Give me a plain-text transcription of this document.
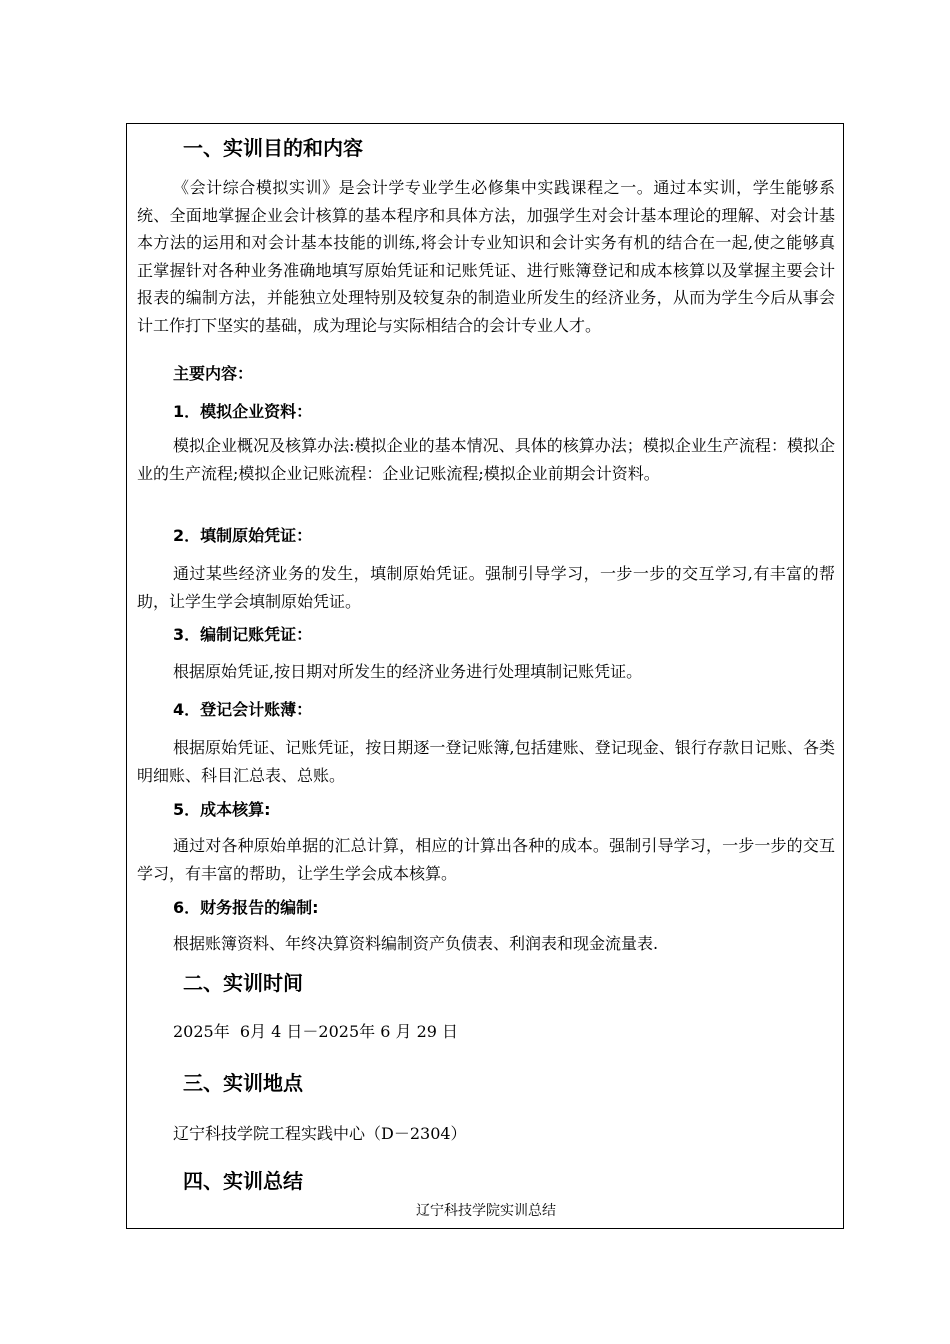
一、实训目的和内容

《会计综合模拟实训》是会计学专业学生必修集中实践课程之一。通过本实训，学生能够系统、全面地掌握企业会计核算的基本程序和具体方法，加强学生对会计基本理论的理解、对会计基本方法的运用和对会计基本技能的训练,将会计专业知识和会计实务有机的结合在一起,使之能够真正掌握针对各种业务准确地填写原始凭证和记账凭证、进行账簿登记和成本核算以及掌握主要会计报表的编制方法，并能独立处理特别及较复杂的制造业所发生的经济业务，从而为学生今后从事会计工作打下坚实的基础，成为理论与实际相结合的会计专业人才。

主要内容：
1．模拟企业资料：

模拟企业概况及核算办法:模拟企业的基本情况、具体的核算办法；模拟企业生产流程：模拟企业的生产流程;模拟企业记账流程：企业记账流程;模拟企业前期会计资料。

2．填制原始凭证：

通过某些经济业务的发生，填制原始凭证。强制引导学习，一步一步的交互学习,有丰富的帮助，让学生学会填制原始凭证。

3．编制记账凭证：

根据原始凭证,按日期对所发生的经济业务进行处理填制记账凭证。

4．登记会计账薄：

根据原始凭证、记账凭证，按日期逐一登记账簿,包括建账、登记现金、银行存款日记账、各类明细账、科目汇总表、总账。

5．成本核算:

通过对各种原始单据的汇总计算，相应的计算出各种的成本。强制引导学习，一步一步的交互学习，有丰富的帮助，让学生学会成本核算。

6．财务报告的编制:

根据账簿资料、年终决算资料编制资产负债表、利润表和现金流量表.

二、实训时间
2025年  6月 4 日－2025年 6 月 29 日
三、实训地点
辽宁科技学院工程实践中心（D－2304）
四、实训总结
辽宁科技学院实训总结
